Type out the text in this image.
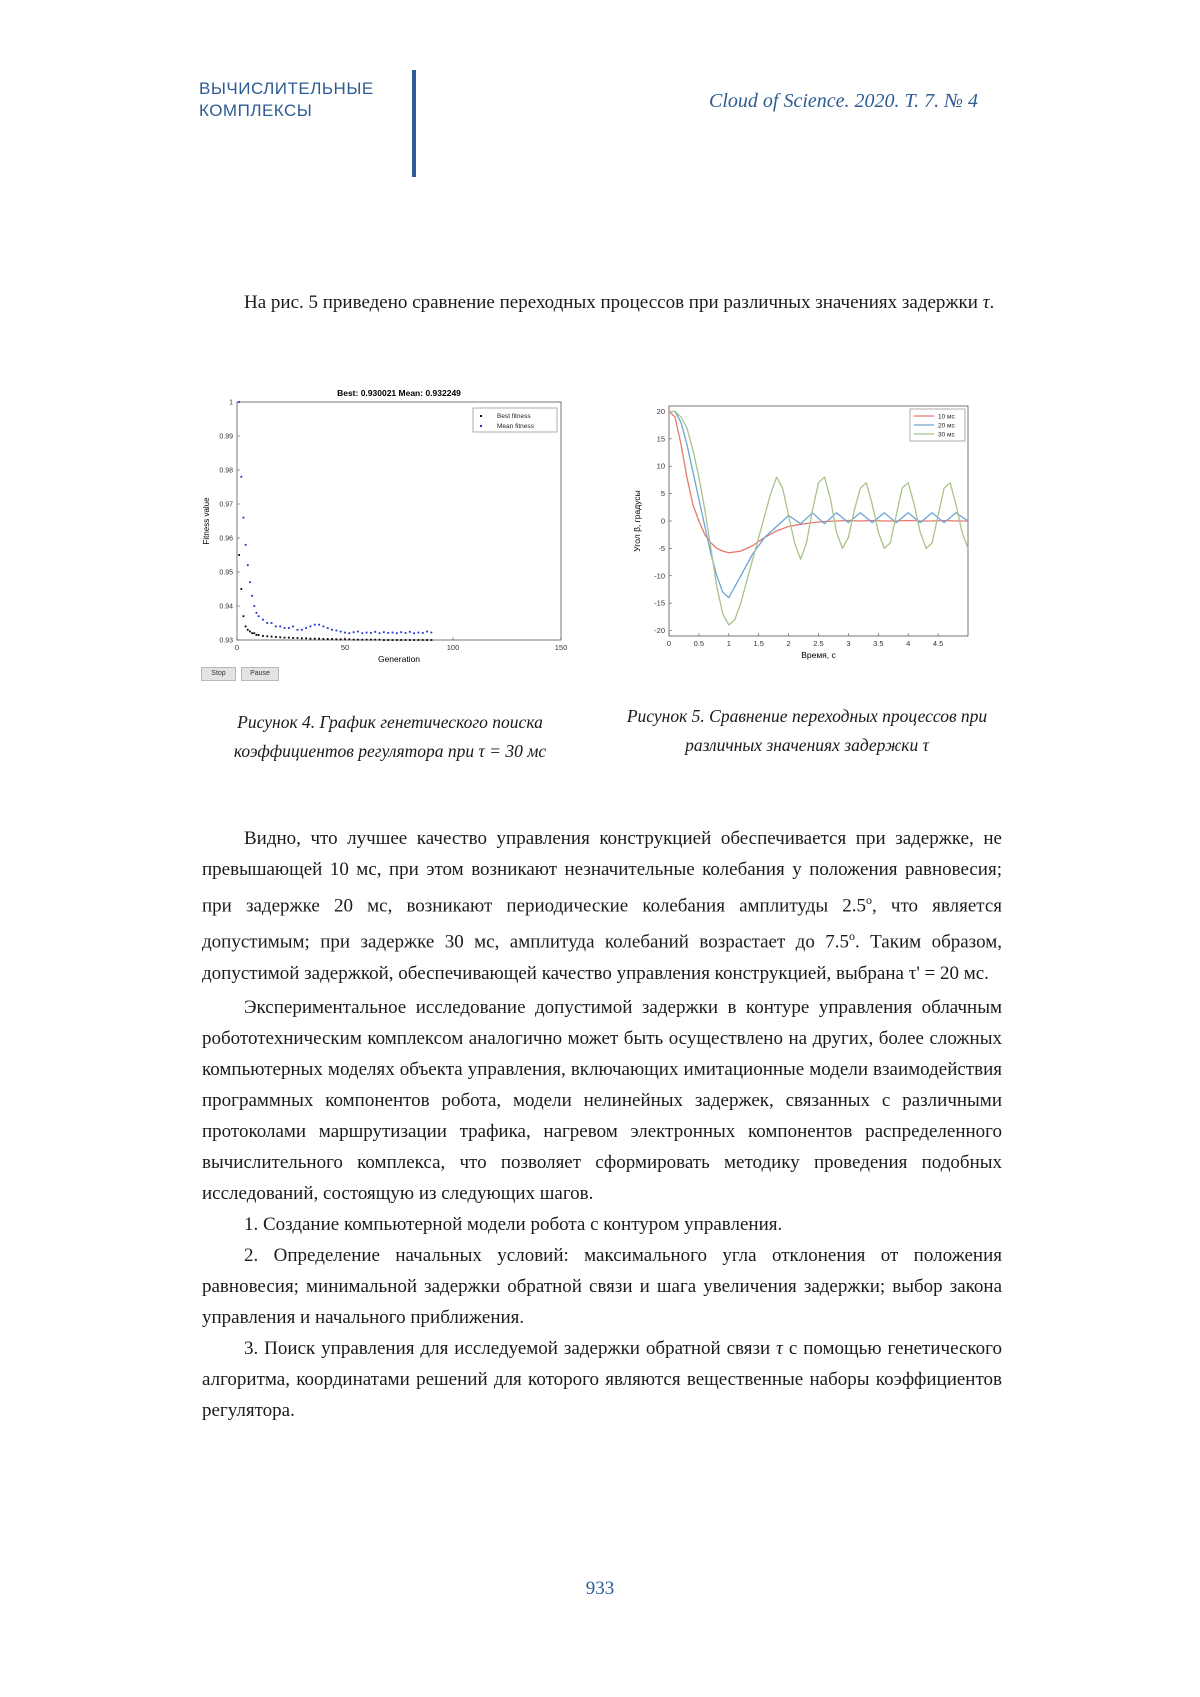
ВЫЧИСЛИТЕЛЬНЫЕ
КОМПЛЕКСЫ	Cloud of Science. 2020. T. 7. № 4

На рис. 5 приведено сравнение переходных процессов при различных значениях задержки τ.

Best: 0.930021 Mean: 0.932249
0	50	100	150
0.93
0.94
0.95
0.96
0.97
0.98
0.99
1
Generation
Fitness value
Best fitness
Mean fitness
Stop	Pause
Рисунок 4. График генетического поиска коэффициентов регулятора при τ = 30 мс
0	0.5	1	1.5	2	2.5	3	3.5	4	4.5
-20
-15
-10
-5
0
5
10
15
20
Время, с
Угол β, градусы
10 мс
20 мс
30 мс
Рисунок 5. Сравнение переходных процессов при различных значениях задержки τ

Видно, что лучшее качество управления конструкцией обеспечивается при задержке, не превышающей 10 мс, при этом возникают незначительные колебания у положения равновесия; при задержке 20 мс, возникают периодические колебания амплитуды 2.5$^o$, что является допустимым; при задержке 30 мс, амплитуда колебаний возрастает до 7.5$^o$. Таким образом, допустимой задержкой, обеспечивающей качество управления конструкцией, выбрана τ' = 20 мс.

Экспериментальное исследование допустимой задержки в контуре управления облачным робототехническим комплексом аналогично может быть осуществлено на других, более сложных компьютерных моделях объекта управления, включающих имитационные модели взаимодействия программных компонентов робота, модели нелинейных задержек, связанных с различными протоколами маршрутизации трафика, нагревом электронных компонентов распределенного вычислительного комплекса, что позволяет сформировать методику проведения подобных исследований, состоящую из следующих шагов.

1. Создание компьютерной модели робота с контуром управления.

2. Определение начальных условий: максимального угла отклонения от положения равновесия; минимальной задержки обратной связи и шага увеличения задержки; выбор закона управления и начального приближения.

3. Поиск управления для исследуемой задержки обратной связи τ с помощью генетического алгоритма, координатами решений для которого являются вещественные наборы коэффициентов регулятора.

933
